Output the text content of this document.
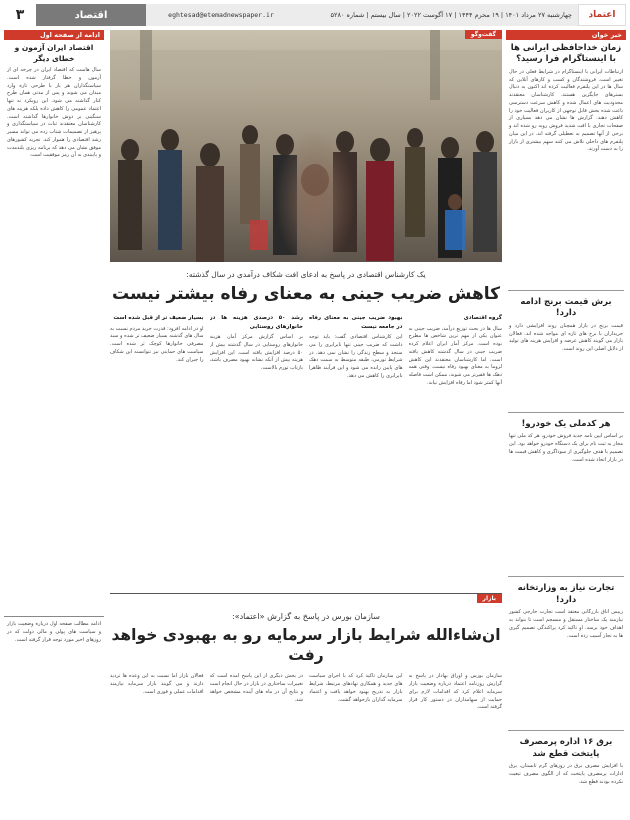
اعتماد
چهارشنبه ۲۷ مرداد ۱۴۰۱ | ۱۹ محرم ۱۴۴۴ | ۱۷ آگوست ۲۰۲۲ | سال بیستم | شماره ۵۲۸۰
eghtesad@etemadnewspaper.ir
اقتصاد
۳
خبر خوان
زمان خداحافظی ایرانی ها با اینستاگرام فرا رسید؟
ارتباطات ایرانی با اینستاگرام در شرایط فعلی در حال تغییر است. فروشندگان و کسب و کارهای آنلاین که سال ها در این پلتفرم فعالیت کرده اند اکنون به دنبال بسترهای جایگزین هستند. کارشناسان معتقدند محدودیت های اعمال شده و کاهش سرعت دسترسی باعث شده بخش قابل توجهی از کاربران فعالیت خود را کاهش دهند. گزارش ها نشان می دهد بسیاری از صفحات تجاری با افت شدید فروش روبه رو شده اند و برخی از آنها تصمیم به تعطیلی گرفته اند. در این میان پلتفرم های داخلی تلاش می کنند سهم بیشتری از بازار را به دست آورند.
برش قیمت برنج ادامه دارد!
قیمت برنج در بازار همچنان روند افزایشی دارد و خریداران با نرخ های تازه ای مواجه شده اند. فعالان بازار می گویند کاهش عرضه و افزایش هزینه های تولید از دلایل اصلی این روند است.
هر کدملی یک خودرو!
بر اساس آیین نامه جدید فروش خودرو، هر کد ملی تنها مجاز به ثبت نام برای یک دستگاه خودرو خواهد بود. این تصمیم با هدف جلوگیری از سوداگری و کاهش قیمت ها در بازار اتخاذ شده است.
تجارت نیاز به وزارتخانه دارد!
رییس اتاق بازرگانی معتقد است تجارت خارجی کشور نیازمند یک ساختار مستقل و منسجم است تا بتواند به اهداف خود برسد. او تاکید کرد پراکندگی تصمیم گیری ها به تجار آسیب زده است.
برق ۱۶ اداره پرمصرف پایتخت قطع شد
با افزایش مصرف برق در روزهای گرم تابستان، برق ادارات پرمصرف پایتخت که از الگوی مصرف تبعیت نکرده بودند قطع شد.
ادامه از صفحه اول
اقتصاد ایران آزمون و خطای دیگر
سال هاست که اقتصاد ایران در چرخه ای از آزمون و خطا گرفتار شده است. سیاستگذاران هر بار با طرحی تازه وارد میدان می شوند و پس از مدتی همان طرح کنار گذاشته می شود. این رویکرد نه تنها اعتماد عمومی را کاهش داده بلکه هزینه های سنگینی بر دوش خانوارها گذاشته است. کارشناسان معتقدند ثبات در سیاستگذاری و پرهیز از تصمیمات شتاب زده می تواند مسیر رشد اقتصادی را هموار کند. تجربه کشورهای موفق نشان می دهد که برنامه ریزی بلندمدت و پایبندی به آن رمز موفقیت است.
ادامه مطالب صفحه اول درباره وضعیت بازار و سیاست های پولی و مالی دولت که در روزهای اخیر مورد توجه قرار گرفته است.
گفت‌وگو
یک کارشناس اقتصادی در پاسخ به ادعای افت شکاف درآمدی در سال گذشته:
کاهش ضریب جینی به معنای رفاه بیشتر نیست
گروه اقتصادی
سال ها در بحث توزیع درآمد، ضریب جینی به عنوان یکی از مهم ترین شاخص ها مطرح بوده است. مرکز آمار ایران اعلام کرده ضریب جینی در سال گذشته کاهش یافته است. اما کارشناسان معتقدند این کاهش لزوما به معنای بهبود رفاه نیست. وقتی همه دهک ها فقیرتر می شوند، ممکن است فاصله آنها کمتر شود اما رفاه افزایش نیابد.
بهبود ضریب جینی به معنای رفاه در جامعه نیست
این کارشناس اقتصادی گفت: باید توجه داشت که ضریب جینی تنها نابرابری را می سنجد و سطح زندگی را نشان نمی دهد. در شرایط تورمی، طبقه متوسط به سمت دهک های پایین رانده می شود و این فرآیند ظاهرا نابرابری را کاهش می دهد.
رشد ۵۰ درصدی هزینه ها در خانوارهای روستایی
بر اساس گزارش مرکز آمار، هزینه خانوارهای روستایی در سال گذشته بیش از ۵۰ درصد افزایش یافته است. این افزایش هزینه بیش از آنکه نشانه بهبود مصرف باشد، بازتاب تورم بالاست.
بسیار ضعیف تر از قبل شده است
او در ادامه افزود: قدرت خرید مردم نسبت به سال های گذشته بسیار ضعیف تر شده و سبد مصرفی خانوارها کوچک تر شده است. سیاست های حمایتی نیز نتوانسته این شکاف را جبران کند.
بازار
سازمان بورس در پاسخ به گزارش «اعتماد»:
ان‌شاءالله شرایط بازار سرمایه رو به بهبودی خواهد رفت
سازمان بورس و اوراق بهادار در پاسخ به گزارش روزنامه اعتماد درباره وضعیت بازار سرمایه اعلام کرد که اقدامات لازم برای حمایت از سهامداران در دستور کار قرار گرفته است.
این سازمان تاکید کرد که با اجرای سیاست های جدید و همکاری نهادهای مرتبط، شرایط بازار به تدریج بهبود خواهد یافت و اعتماد سرمایه گذاران بازخواهد گشت.
در بخش دیگری از این پاسخ آمده است که تغییرات ساختاری در بازار در حال انجام است و نتایج آن در ماه های آینده مشخص خواهد شد.
فعالان بازار اما نسبت به این وعده ها تردید دارند و می گویند بازار سرمایه نیازمند اقدامات عملی و فوری است.
